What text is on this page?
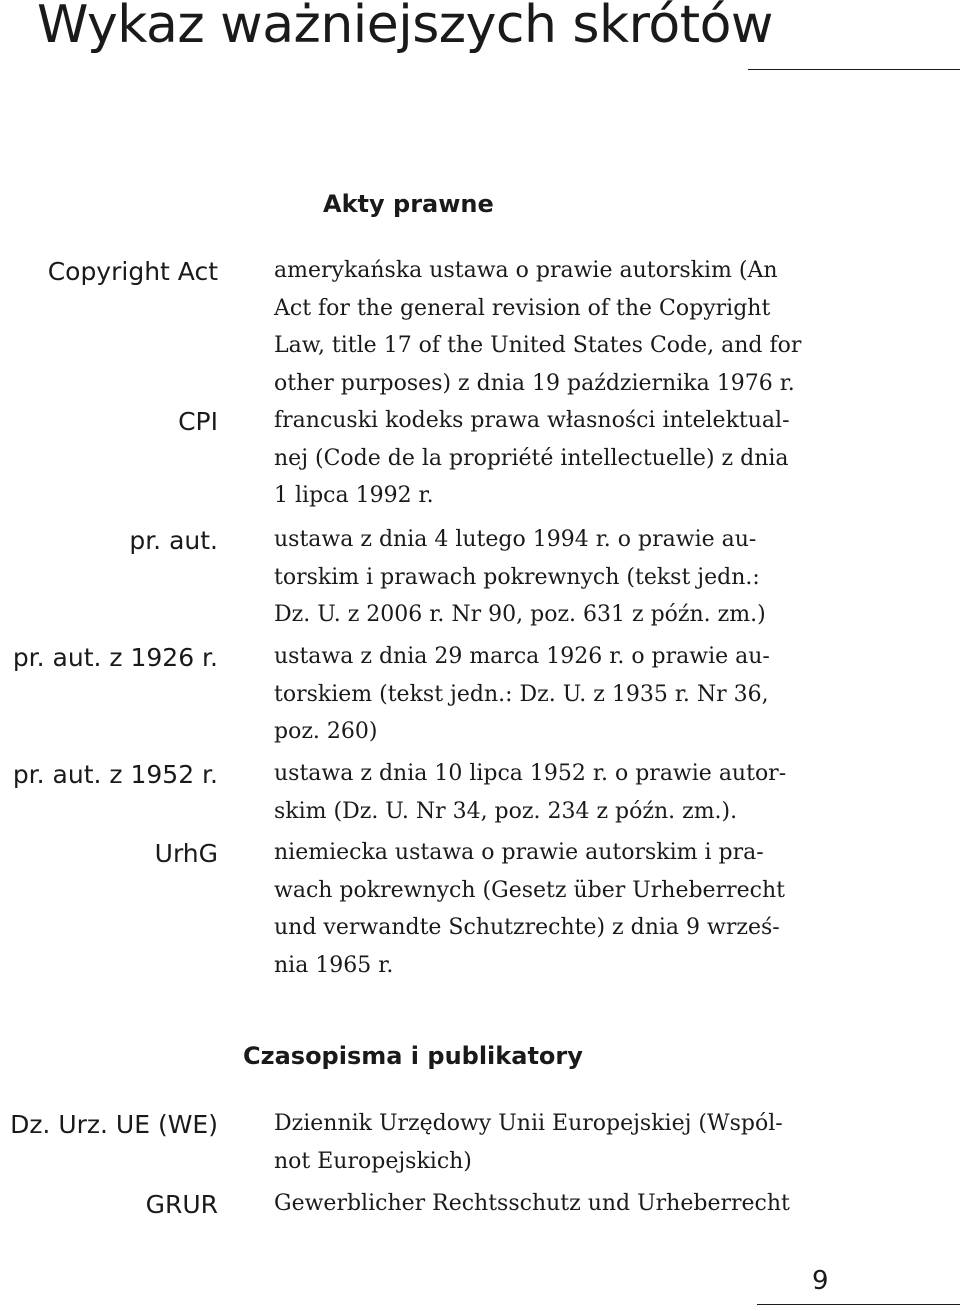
Wykaz ważniejszych skrótów
Akty prawne
Copyright Act	amerykańska ustawa o prawie autorskim (An
Act for the general revision of the Copyright
Law, title 17 of the United States Code, and for
other purposes) z dnia 19 października 1976 r.
CPI	francuski kodeks prawa własności intelektual-
nej (Code de la propriété intellectuelle) z dnia
1 lipca 1992 r.
pr. aut.	ustawa z dnia 4 lutego 1994 r. o prawie au-
torskim i prawach pokrewnych (tekst jedn.:
Dz. U. z 2006 r. Nr 90, poz. 631 z późn. zm.)
pr. aut. z 1926 r.	ustawa z dnia 29 marca 1926 r. o prawie au-
torskiem (tekst jedn.: Dz. U. z 1935 r. Nr 36,
poz. 260)
pr. aut. z 1952 r.	ustawa z dnia 10 lipca 1952 r. o prawie autor-
skim (Dz. U. Nr 34, poz. 234 z późn. zm.).
UrhG	niemiecka ustawa o prawie autorskim i pra-
wach pokrewnych (Gesetz über Urheberrecht
und verwandte Schutzrechte) z dnia 9 wrześ-
nia 1965 r.
Czasopisma i publikatory
Dz. Urz. UE (WE)	Dziennik Urzędowy Unii Europejskiej (Wspól-
not Europejskich)
GRUR	Gewerblicher Rechtsschutz und Urheberrecht
9
